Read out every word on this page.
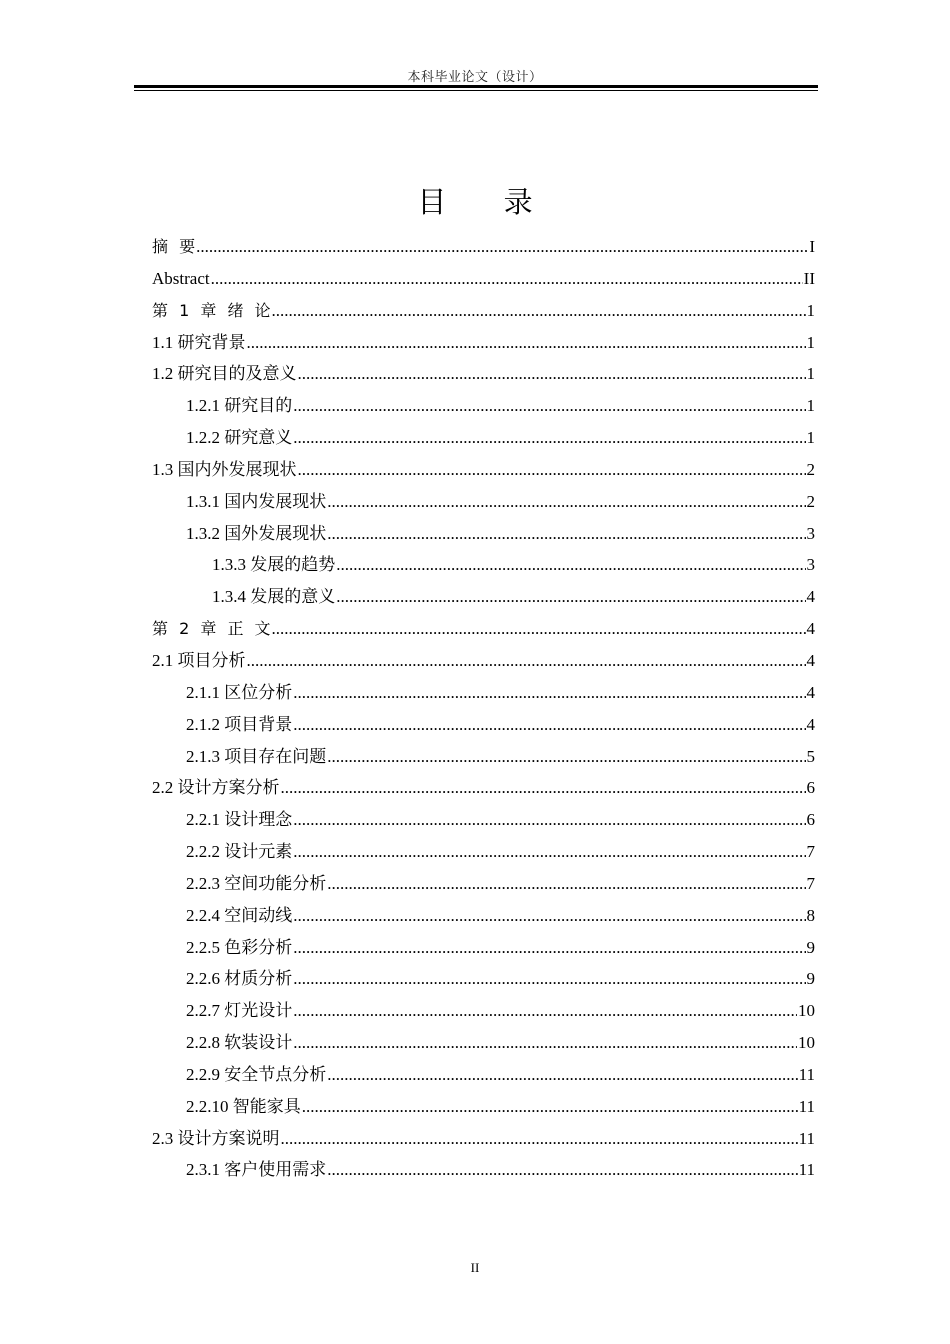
本科毕业论文（设计）
目 录
摘 要 .....	I
Abstract .....	II
第 1 章 绪 论 .....	1
1.1 研究背景 .....	1
1.2 研究目的及意义 .....	1
1.2.1 研究目的 .....	1
1.2.2 研究意义 .....	1
1.3 国内外发展现状 .....	2
1.3.1 国内发展现状 .....	2
1.3.2 国外发展现状 .....	3
1.3.3 发展的趋势 .....	3
1.3.4 发展的意义 .....	4
第 2 章 正 文 .....	4
2.1 项目分析 .....	4
2.1.1 区位分析 .....	4
2.1.2 项目背景 .....	4
2.1.3 项目存在问题 .....	5
2.2 设计方案分析 .....	6
2.2.1 设计理念 .....	6
2.2.2 设计元素 .....	7
2.2.3 空间功能分析 .....	7
2.2.4 空间动线 .....	8
2.2.5 色彩分析 .....	9
2.2.6 材质分析 .....	9
2.2.7 灯光设计 .....	10
2.2.8 软装设计 .....	10
2.2.9 安全节点分析 .....	11
2.2.10 智能家具 .....	11
2.3 设计方案说明 .....	11
2.3.1 客户使用需求 .....	11
II
